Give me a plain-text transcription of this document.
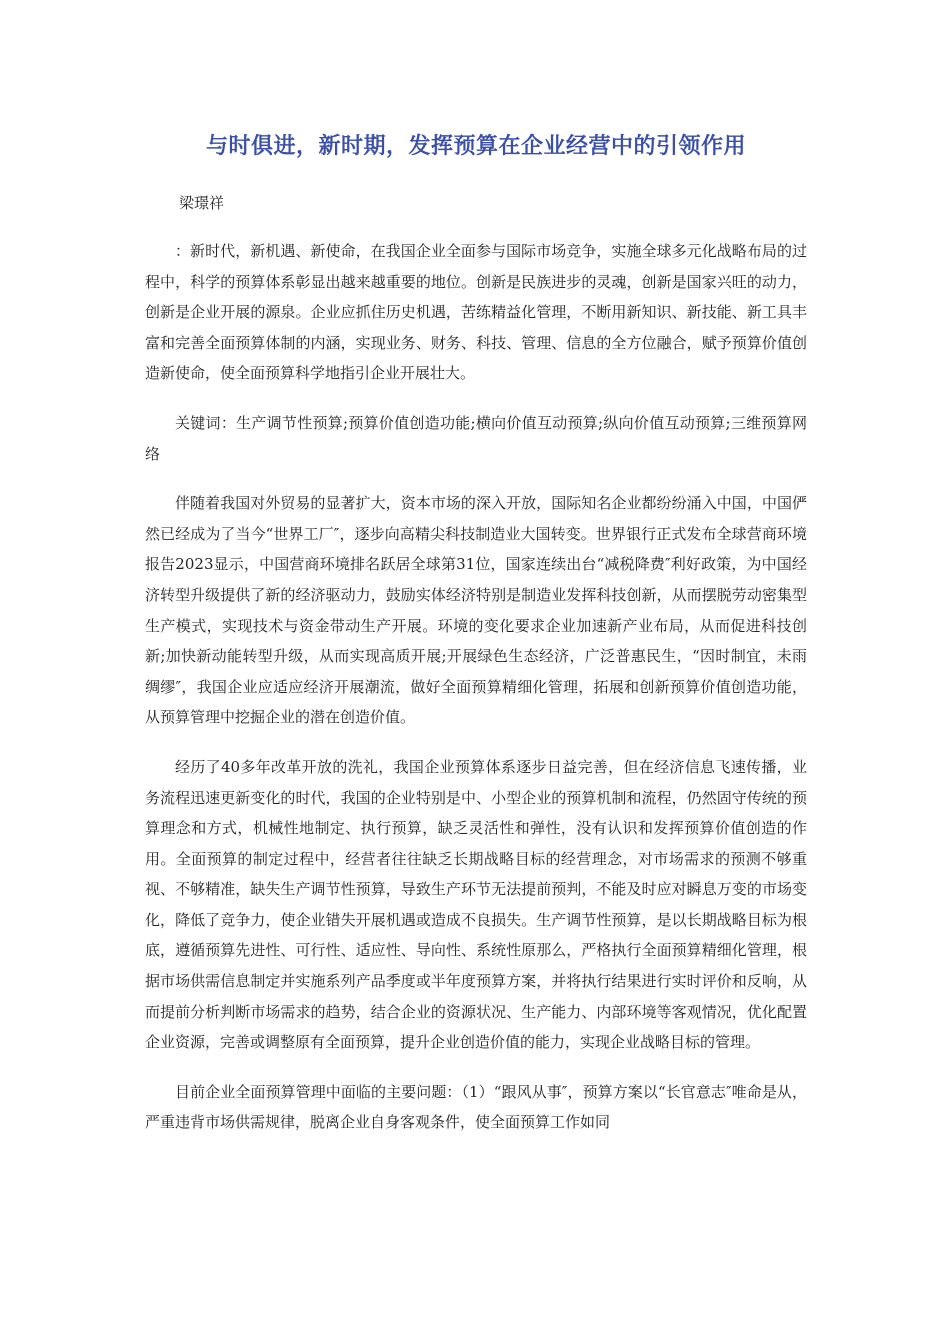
与时俱进，新时期，发挥预算在企业经营中的引领作用
梁璟祥

：新时代，新机遇、新使命，在我国企业全面参与国际市场竞争，实施全球多元化战略布局的过程中，科学的预算体系彰显出越来越重要的地位。创新是民族进步的灵魂，创新是国家兴旺的动力，创新是企业开展的源泉。企业应抓住历史机遇，苦练精益化管理，不断用新知识、新技能、新工具丰富和完善全面预算体制的内涵，实现业务、财务、科技、管理、信息的全方位融合，赋予预算价值创造新使命，使全面预算科学地指引企业开展壮大。

关键词：生产调节性预算;预算价值创造功能;横向价值互动预算;纵向价值互动预算;三维预算网络

伴随着我国对外贸易的显著扩大，资本市场的深入开放，国际知名企业都纷纷涌入中国，中国俨然已经成为了当今“世界工厂″，逐步向高精尖科技制造业大国转变。世界银行正式发布全球营商环境报告2023显示，中国营商环境排名跃居全球第31位，国家连续出台“减税降费″利好政策，为中国经济转型升级提供了新的经济驱动力，鼓励实体经济特别是制造业发挥科技创新，从而摆脱劳动密集型生产模式，实现技术与资金带动生产开展。环境的变化要求企业加速新产业布局，从而促进科技创新;加快新动能转型升级，从而实现高质开展;开展绿色生态经济，广泛普惠民生，“因时制宜，未雨绸缪″，我国企业应适应经济开展潮流，做好全面预算精细化管理，拓展和创新预算价值创造功能，从预算管理中挖掘企业的潜在创造价值。

经历了40多年改革开放的洗礼，我国企业预算体系逐步日益完善，但在经济信息飞速传播，业务流程迅速更新变化的时代，我国的企业特别是中、小型企业的预算机制和流程，仍然固守传统的预算理念和方式，机械性地制定、执行预算，缺乏灵活性和弹性，没有认识和发挥预算价值创造的作用。全面预算的制定过程中，经营者往往缺乏长期战略目标的经营理念，对市场需求的预测不够重视、不够精准，缺失生产调节性预算，导致生产环节无法提前预判，不能及时应对瞬息万变的市场变化，降低了竞争力，使企业错失开展机遇或造成不良损失。生产调节性预算，是以长期战略目标为根底，遵循预算先进性、可行性、适应性、导向性、系统性原那么，严格执行全面预算精细化管理，根据市场供需信息制定并实施系列产品季度或半年度预算方案，并将执行结果进行实时评价和反响，从而提前分析判断市场需求的趋势，结合企业的资源状况、生产能力、内部环境等客观情况，优化配置企业资源，完善或调整原有全面预算，提升企业创造价值的能力，实现企业战略目标的管理。

目前企业全面预算管理中面临的主要问题：（1）“跟风从事″，预算方案以“长官意志″唯命是从，严重违背市场供需规律，脱离企业自身客观条件，使全面预算工作如同
